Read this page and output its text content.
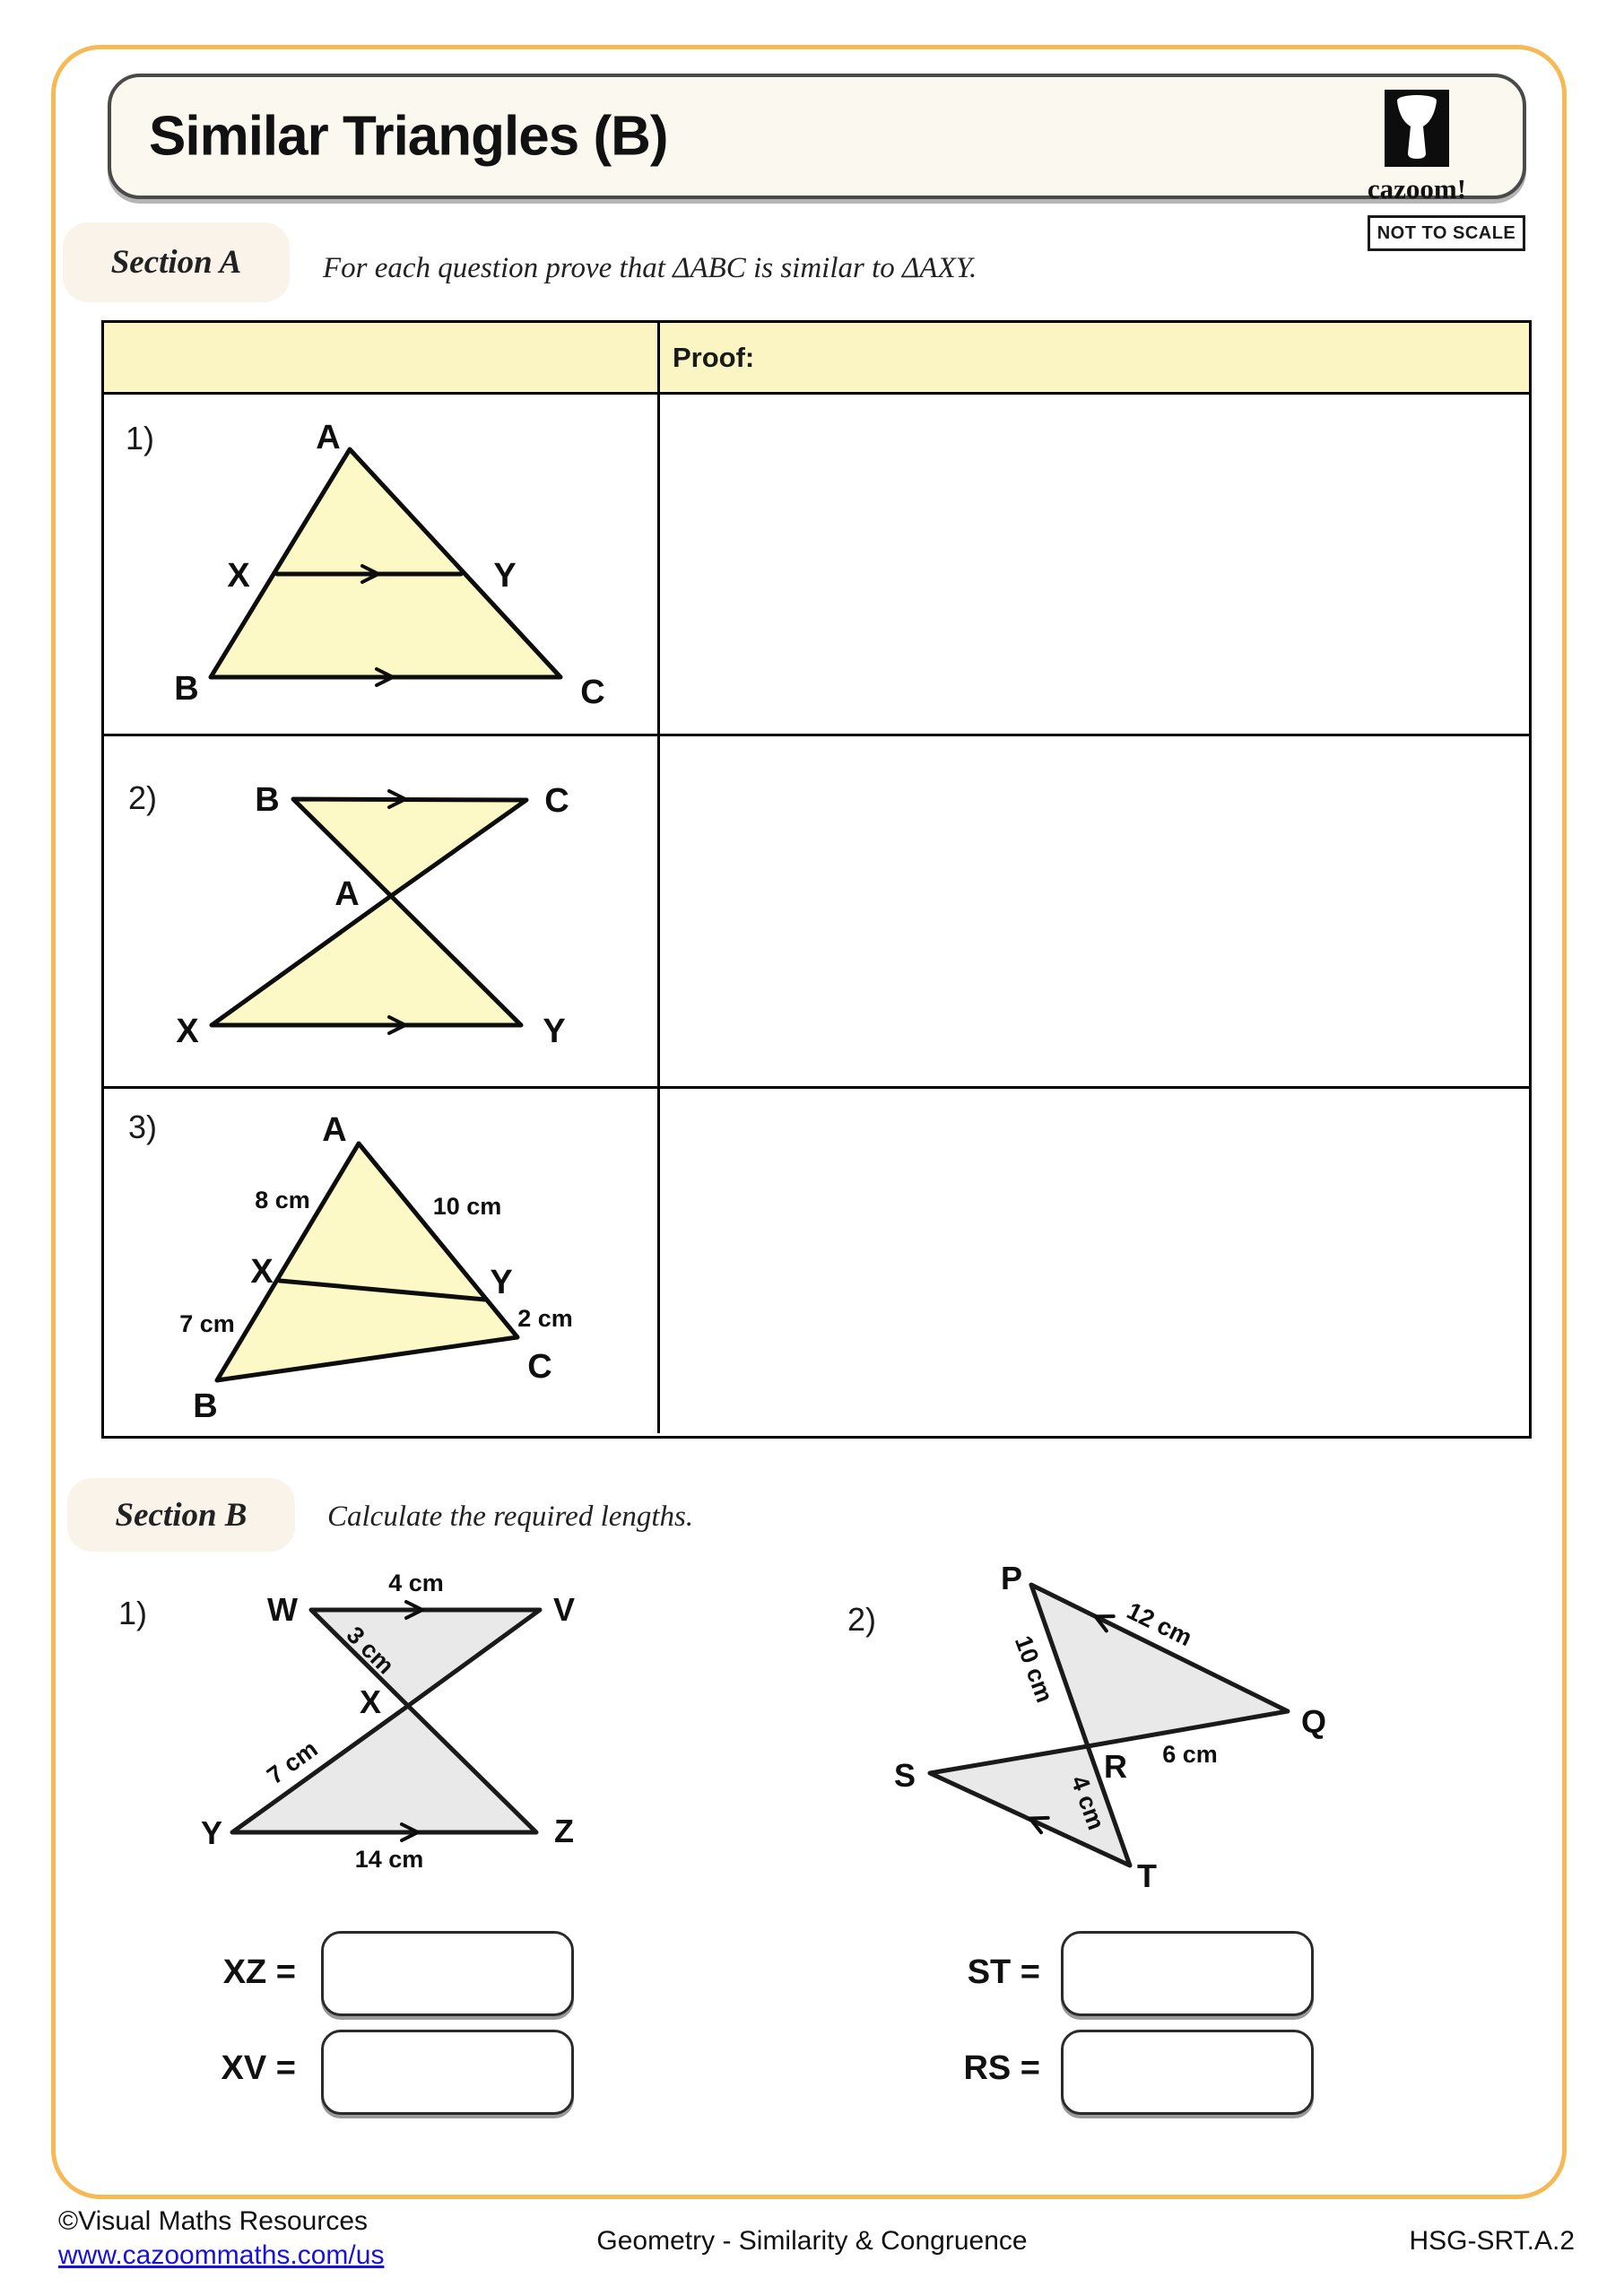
Similar Triangles (B)
cazoom!
NOT TO SCALE
Section A	For each question prove that ΔABC is similar to ΔAXY.
Proof:
1)	A
X	Y
B	C
2)	B	C
A
X	Y
3)	A
X	Y
B
C
8 cm	10 cm
7 cm	2 cm
Section B	Calculate the required lengths.
1)	W	V
X
Y	Z
4 cm
3 cm
7 cm
14 cm
2)
P
Q
R
S
T
12 cm
10 cm
6 cm
4 cm
XZ =
XV =
ST =
RS =
©Visual Maths Resources
www.cazoommaths.com/us	Geometry - Similarity & Congruence	HSG-SRT.A.2
